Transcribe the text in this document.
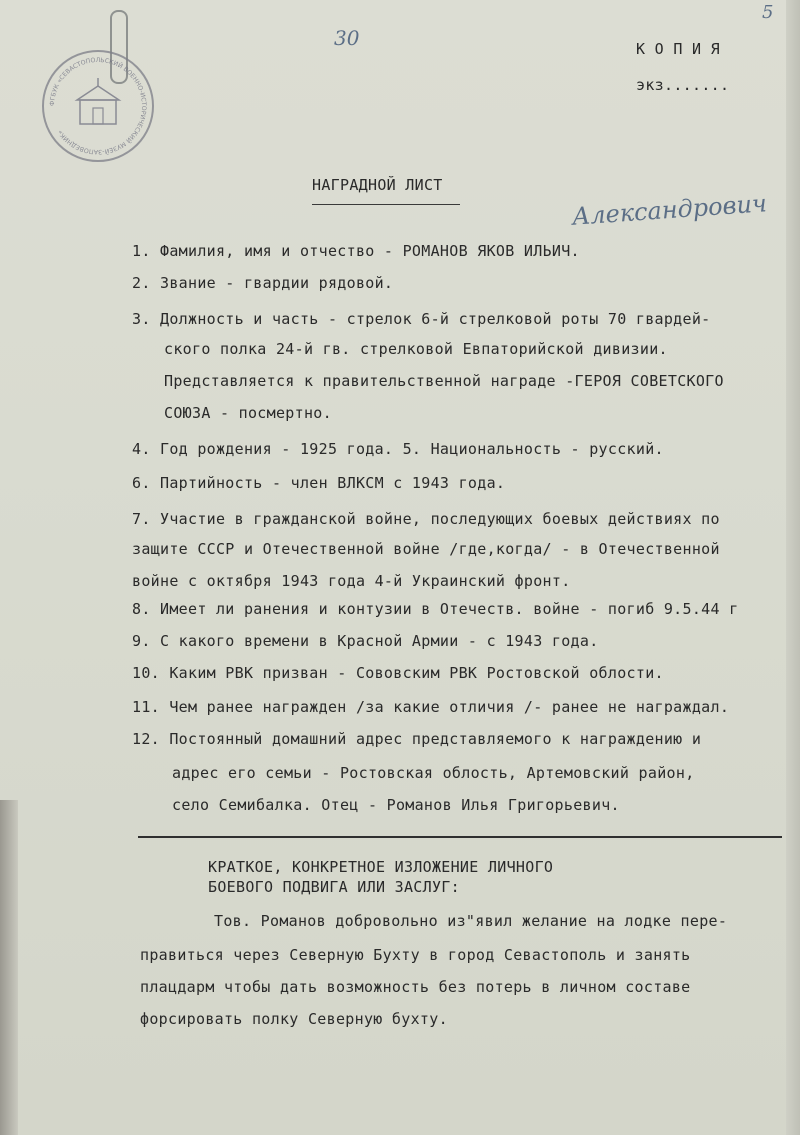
ФГБУК «СЕВАСТОПОЛЬСКИЙ ВОЕННО-ИСТОРИЧЕСКИЙ МУЗЕЙ-ЗАПОВЕДНИК»
30
5
К О П И Я
экз.......
НАГРАДНОЙ ЛИСТ
Александрович
1. Фамилия, имя и отчество - РОМАНОВ ЯКОВ ИЛЬИЧ.
2. Звание - гвардии рядовой.
3. Должность и часть - стрелок 6-й стрелковой роты 70 гвардей-
ского полка 24-й гв. стрелковой Евпаторийской дивизии.
Представляется к правительственной награде -ГЕРОЯ СОВЕТСКОГО
СОЮЗА - посмертно.
4. Год рождения - 1925 года. 5. Национальность - русский.
6. Партийность - член ВЛКСМ с 1943 года.
7. Участие в гражданской войне, последующих боевых действиях по
защите СССР и Отечественной войне /где,когда/ - в Отечественной
войне с октября 1943 года 4-й Украинский фронт.
8. Имеет ли ранения и контузии в Отечеств. войне - погиб 9.5.44 г
9. С какого времени в Красной Армии - с 1943 года.
10. Каким РВК призван - Сововским РВК Ростовской облости.
11. Чем ранее награжден /за какие отличия /- ранее не награждал.
12. Постоянный домашний адрес представляемого к награждению и
адрес его семьи - Ростовская облость, Артемовский район,
село Семибалка. Отец - Романов Илья Григорьевич.
КРАТКОЕ, КОНКРЕТНОЕ ИЗЛОЖЕНИЕ ЛИЧНОГО
БОЕВОГО ПОДВИГА ИЛИ ЗАСЛУГ:
Тов. Романов добровольно из"явил желание на лодке пере-
правиться через Северную Бухту в город Севастополь и занять
плацдарм чтобы дать возможность без потерь в личном составе
форсировать полку Северную бухту.
